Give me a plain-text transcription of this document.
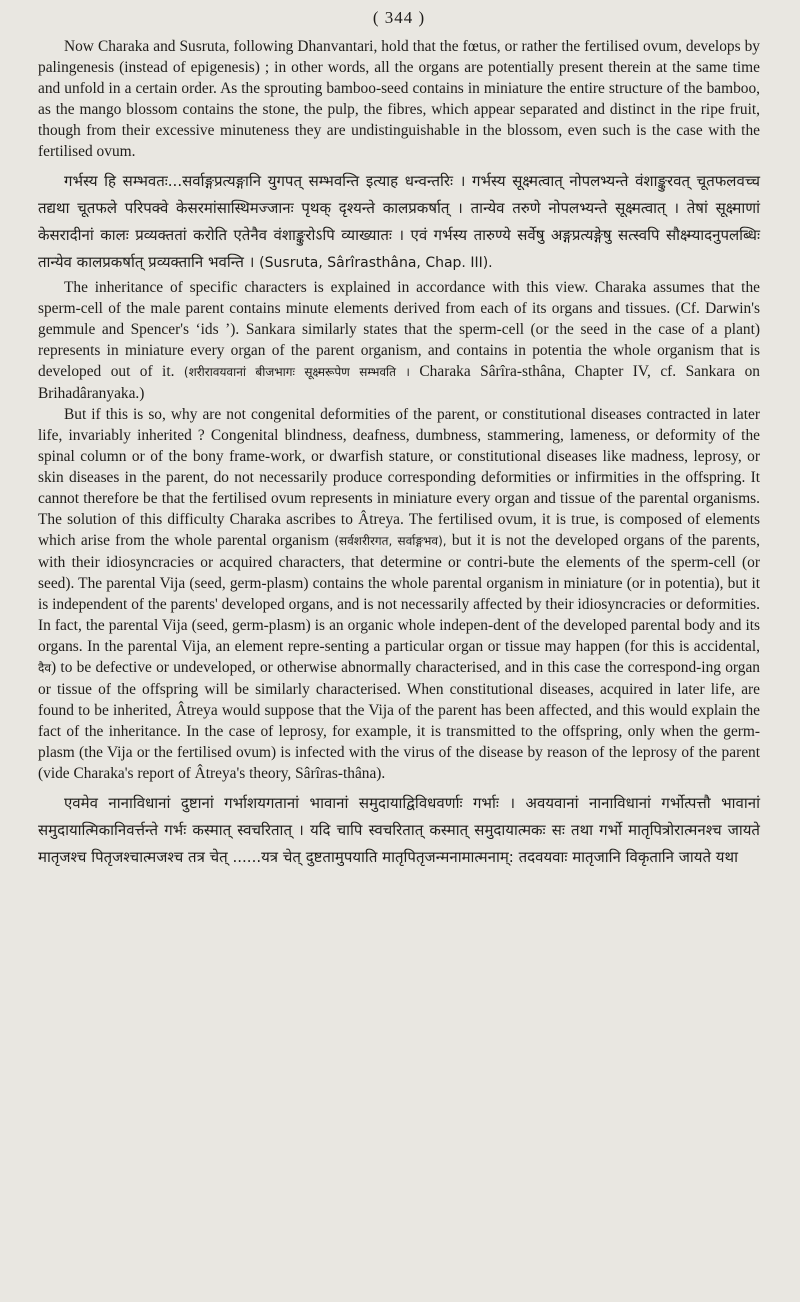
( 344 )

Now Charaka and Susruta, following Dhanvantari, hold that the fœtus, or rather the fertilised ovum, develops by palingenesis (instead of epigenesis) ; in other words, all the organs are potentially present therein at the same time and unfold in a certain order. As the sprouting bamboo-seed contains in miniature the entire structure of the bamboo, as the mango blossom contains the stone, the pulp, the fibres, which appear separated and distinct in the ripe fruit, though from their excessive minuteness they are undistinguishable in the blossom, even such is the case with the fertilised ovum.

गर्भस्य हि सम्भवतः...सर्वाङ्गप्रत्यङ्गानि युगपत् सम्भवन्ति इत्याह धन्वन्तरिः । गर्भस्य सूक्ष्मत्वात् नोपलभ्यन्ते वंशाङ्कुरवत् चूतफलवच्च तद्यथा चूतफले परिपक्वे केसरमांसास्थिमज्जानः पृथक् दृश्यन्ते कालप्रकर्षात् । तान्येव तरुणे नोपलभ्यन्ते सूक्ष्मत्वात् । तेषां सूक्ष्माणां केसरादीनां कालः प्रव्यक्ततां करोति एतेनैव वंशाङ्कुरोऽपि व्याख्यातः । एवं गर्भस्य तारुण्ये सर्वेषु अङ्गप्रत्यङ्गेषु सत्स्वपि सौक्ष्म्यादनुपलब्धिः तान्येव कालप्रकर्षात् प्रव्यक्तानि भवन्ति । (Susruta, Sârîrasthâna, Chap. III).

The inheritance of specific characters is explained in accordance with this view. Charaka assumes that the sperm-cell of the male parent contains minute elements derived from each of its organs and tissues. (Cf. Darwin's gemmule and Spencer's ‘ids ’). Sankara similarly states that the sperm-cell (or the seed in the case of a plant) represents in miniature every organ of the parent organism, and contains in potentia the whole organism that is developed out of it. (शरीरावयवानां बीजभागः सूक्ष्मरूपेण सम्भवति । Charaka Sârîra-sthâna, Chapter IV, cf. Sankara on Brihadâranyaka.)

But if this is so, why are not congenital deformities of the parent, or constitutional diseases contracted in later life, invariably inherited ? Congenital blindness, deafness, dumbness, stammering, lameness, or deformity of the spinal column or of the bony frame-work, or dwarfish stature, or constitutional diseases like madness, leprosy, or skin diseases in the parent, do not necessarily produce corresponding deformities or infirmities in the offspring. It cannot therefore be that the fertilised ovum represents in miniature every organ and tissue of the parental organisms. The solution of this difficulty Charaka ascribes to Âtreya. The fertilised ovum, it is true, is composed of elements which arise from the whole parental organism (सर्वशरीरगत, सर्वाङ्गभव), but it is not the developed organs of the parents, with their idiosyncracies or acquired characters, that determine or contri-bute the elements of the sperm-cell (or seed). The parental Vija (seed, germ-plasm) contains the whole parental organism in miniature (or in potentia), but it is independent of the parents' developed organs, and is not necessarily affected by their idiosyncracies or deformities. In fact, the parental Vija (seed, germ-plasm) is an organic whole indepen-dent of the developed parental body and its organs. In the parental Vija, an element repre-senting a particular organ or tissue may happen (for this is accidental, दैव) to be defective or undeveloped, or otherwise abnormally characterised, and in this case the correspond-ing organ or tissue of the offspring will be similarly characterised. When constitutional diseases, acquired in later life, are found to be inherited, Âtreya would suppose that the Vija of the parent has been affected, and this would explain the fact of the inheritance. In the case of leprosy, for example, it is transmitted to the offspring, only when the germ-plasm (the Vija or the fertilised ovum) is infected with the virus of the disease by reason of the leprosy of the parent (vide Charaka's report of Âtreya's theory, Sârîras-thâna).

एवमेव नानाविधानां दुष्टानां गर्भाशयगतानां भावानां समुदायाद्विविधवर्णाः गर्भाः । अवयवानां नानाविधानां गर्भोत्पत्तौ भावानां समुदायात्मिकानिवर्त्तन्ते गर्भः कस्मात् स्वचरितात् । यदि चापि स्वचरितात् कस्मात् समुदायात्मकः सः तथा गर्भो मातृपित्रोरात्मनश्च जायते मातृजश्च पितृजश्चात्मजश्च तत्र चेत् ......यत्र चेत् दुष्टतामुपयाति मातृपितृजन्मनामात्मनाम्: तदवयवाः मातृजानि विकृतानि जायते यथा
